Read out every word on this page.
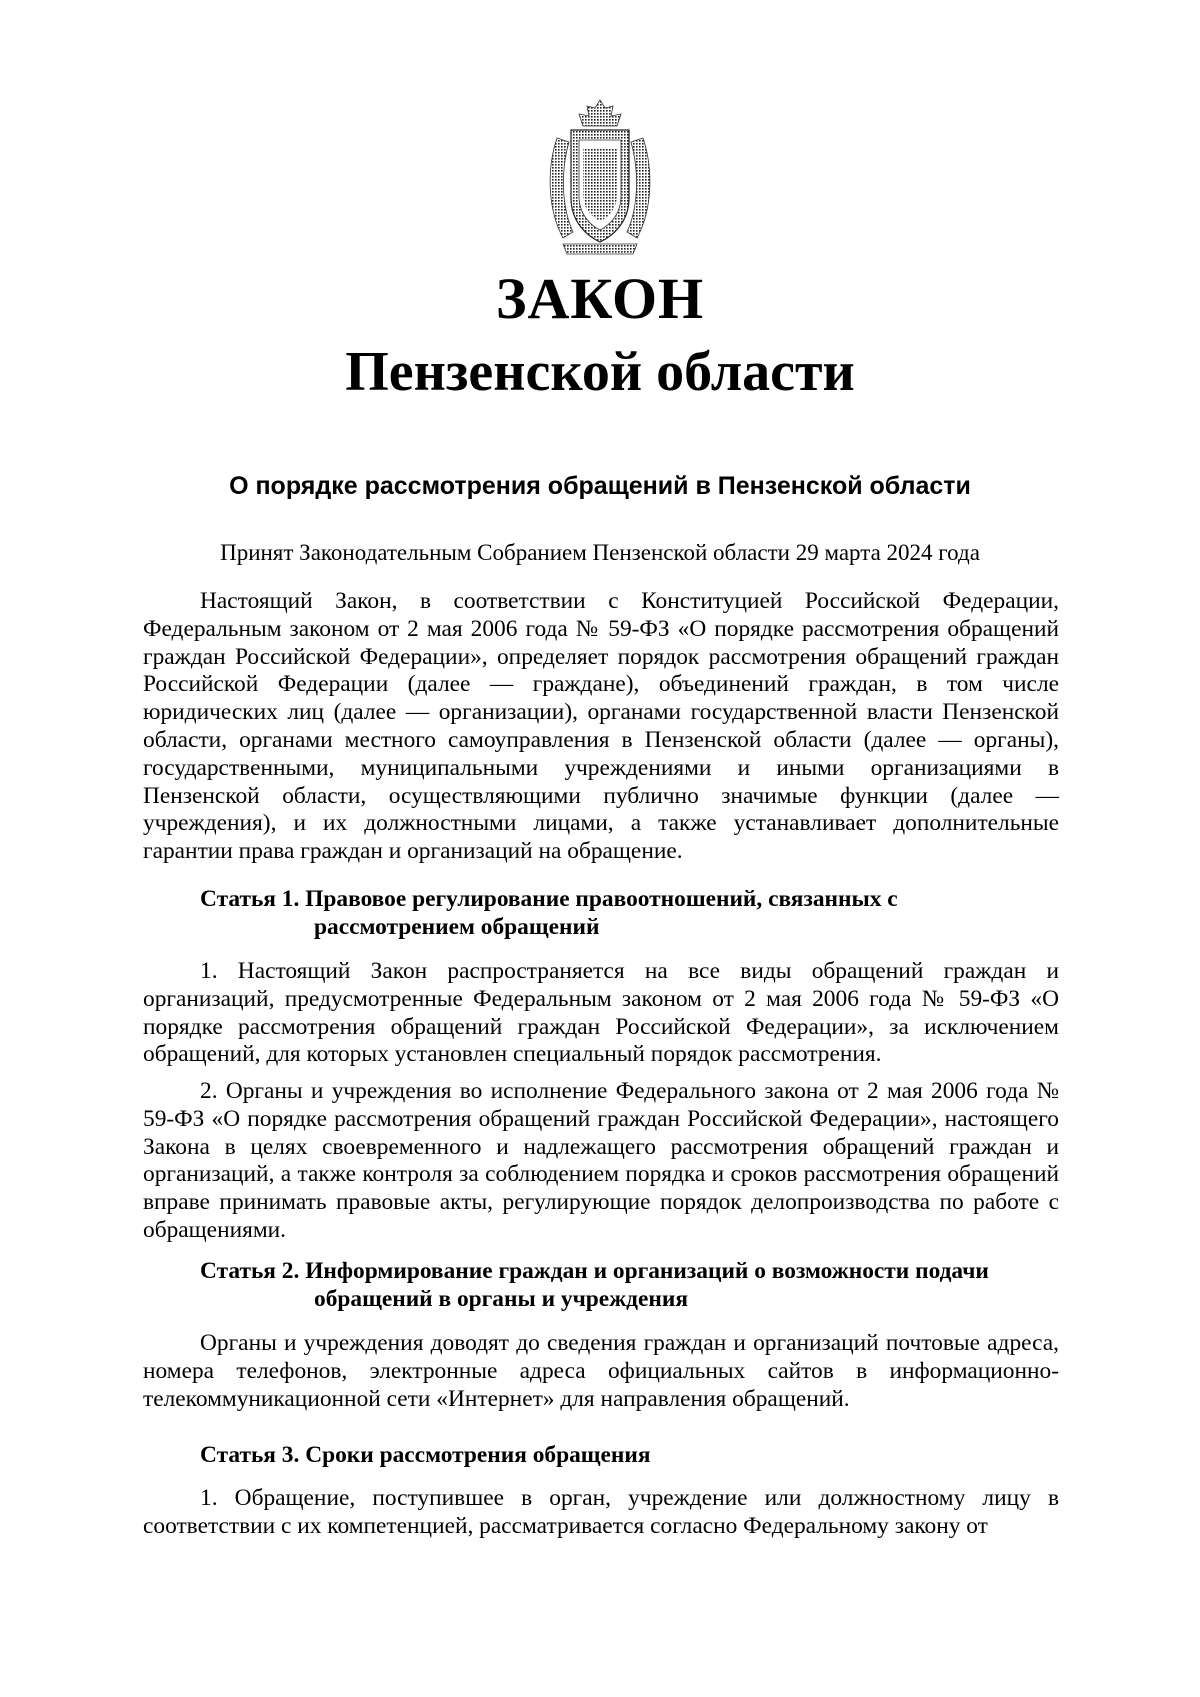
ЗАКОН
Пензенской области
О порядке рассмотрения обращений в Пензенской области

Принят Законодательным Собранием Пензенской области 29 марта 2024 года

Настоящий Закон, в соответствии с Конституцией Российской Федерации, Федеральным законом от 2 мая 2006 года № 59-ФЗ «О порядке рассмотрения обращений граждан Российской Федерации», определяет порядок рассмотрения обращений граждан Российской Федерации (далее — граждане), объединений граждан, в том числе юридических лиц (далее — организации), органами государственной власти Пензенской области, органами местного самоуправления в Пензенской области (далее — органы), государственными, муниципальными учреждениями и иными организациями в Пензенской области, осуществляющими публично значимые функции (далее — учреждения), и их должностными лицами, а также устанавливает дополнительные гарантии права граждан и организаций на обращение.

Статья 1. Правовое регулирование правоотношений, связанных с
рассмотрением обращений

1. Настоящий Закон распространяется на все виды обращений граждан и организаций, предусмотренные Федеральным законом от 2 мая 2006 года № 59-ФЗ «О порядке рассмотрения обращений граждан Российской Федерации», за исключением обращений, для которых установлен специальный порядок рассмотрения.

2. Органы и учреждения во исполнение Федерального закона от 2 мая 2006 года № 59-ФЗ «О порядке рассмотрения обращений граждан Российской Федерации», настоящего Закона в целях своевременного и надлежащего рассмотрения обращений граждан и организаций, а также контроля за соблюдением порядка и сроков рассмотрения обращений вправе принимать правовые акты, регулирующие порядок делопроизводства по работе с обращениями.

Статья 2. Информирование граждан и организаций о возможности подачи
обращений в органы и учреждения

Органы и учреждения доводят до сведения граждан и организаций почтовые адреса, номера телефонов, электронные адреса официальных сайтов в информационно-телекоммуникационной сети «Интернет» для направления обращений.

Статья 3. Сроки рассмотрения обращения

1. Обращение, поступившее в орган, учреждение или должностному лицу в соответствии с их компетенцией, рассматривается согласно Федеральному закону от
